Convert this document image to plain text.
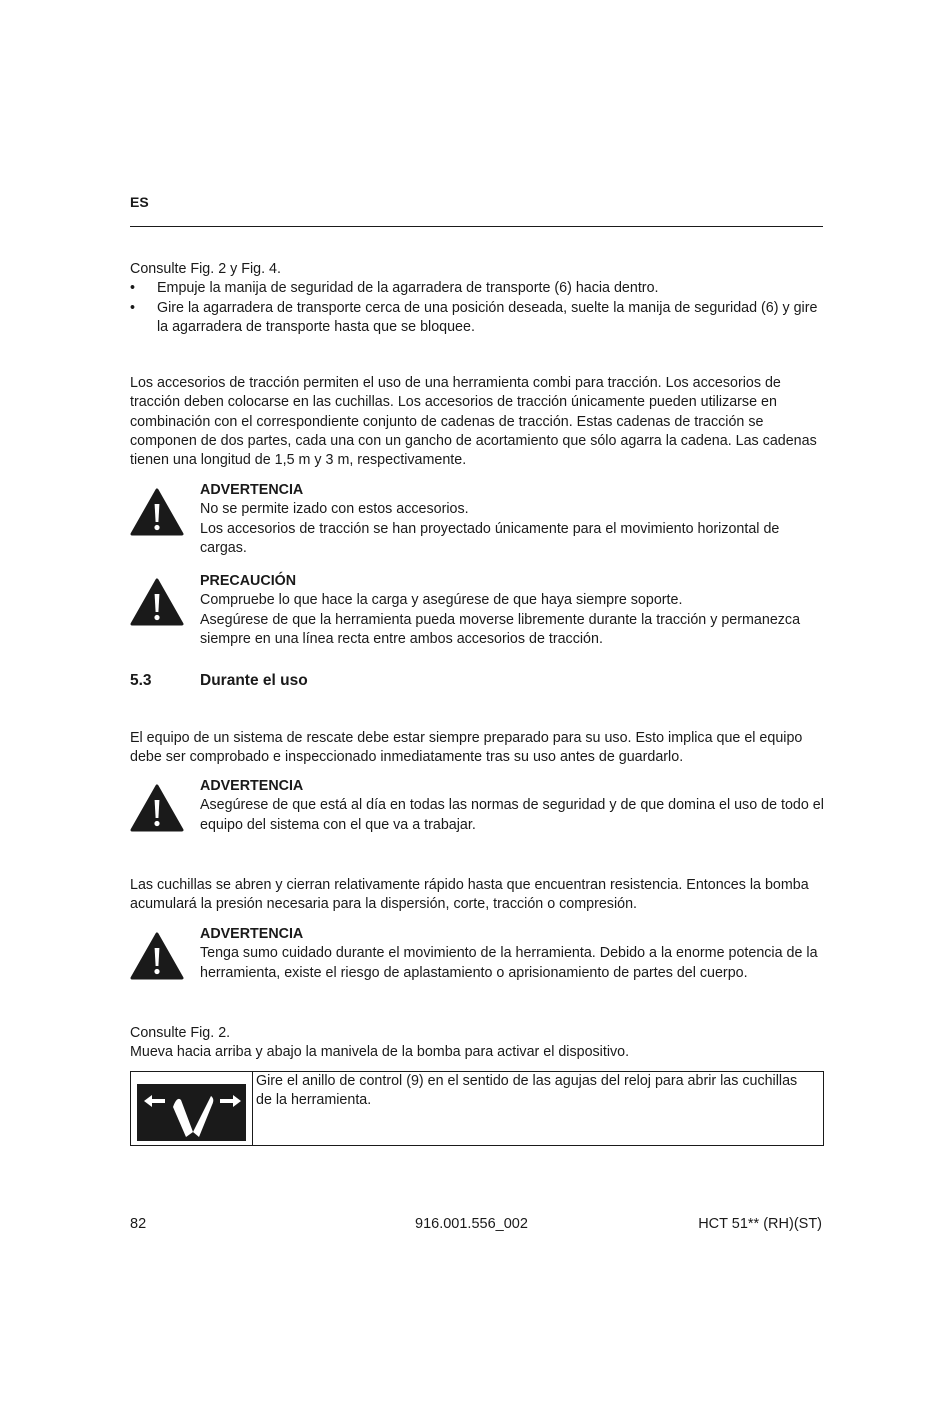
ES
Consulte Fig. 2 y Fig. 4.
• Empuje la manija de seguridad de la agarradera de transporte (6) hacia dentro.
• Gire la agarradera de transporte cerca de una posición deseada, suelte la manija de seguridad (6) y gire la agarradera de transporte hasta que se bloquee.
Los accesorios de tracción permiten el uso de una herramienta combi para tracción. Los accesorios de tracción deben colocarse en las cuchillas. Los accesorios de tracción únicamente pueden utilizarse en combinación con el correspondiente conjunto de cadenas de tracción. Estas cadenas de tracción se componen de dos partes, cada una con un gancho de acortamiento que sólo agarra la cadena. Las cadenas tienen una longitud de 1,5 m y 3 m, respectivamente.
ADVERTENCIA
No se permite izado con estos accesorios.
Los accesorios de tracción se han proyectado únicamente para el movimiento horizontal de cargas.
PRECAUCIÓN
Compruebe lo que hace la carga y asegúrese de que haya siempre soporte.
Asegúrese de que la herramienta pueda moverse libremente durante la tracción y permanezca siempre en una línea recta entre ambos accesorios de tracción.
5.3	Durante el uso
El equipo de un sistema de rescate debe estar siempre preparado para su uso. Esto implica que el equipo debe ser comprobado e inspeccionado inmediatamente tras su uso antes de guardarlo.
ADVERTENCIA
Asegúrese de que está al día en todas las normas de seguridad y de que domina el uso de todo el equipo del sistema con el que va a trabajar.
Las cuchillas se abren y cierran relativamente rápido hasta que encuentran resistencia. Entonces la bomba acumulará la presión necesaria para la dispersión, corte, tracción o compresión.
ADVERTENCIA
Tenga sumo cuidado durante el movimiento de la herramienta. Debido a la enorme potencia de la herramienta, existe el riesgo de aplastamiento o aprisionamiento de partes del cuerpo.
Consulte Fig. 2.
Mueva hacia arriba y abajo la manivela de la bomba para activar el dispositivo.
Gire el anillo de control (9) en el sentido de las agujas del reloj para abrir las cuchillas de la herramienta.
82	916.001.556_002	HCT 51** (RH)(ST)
